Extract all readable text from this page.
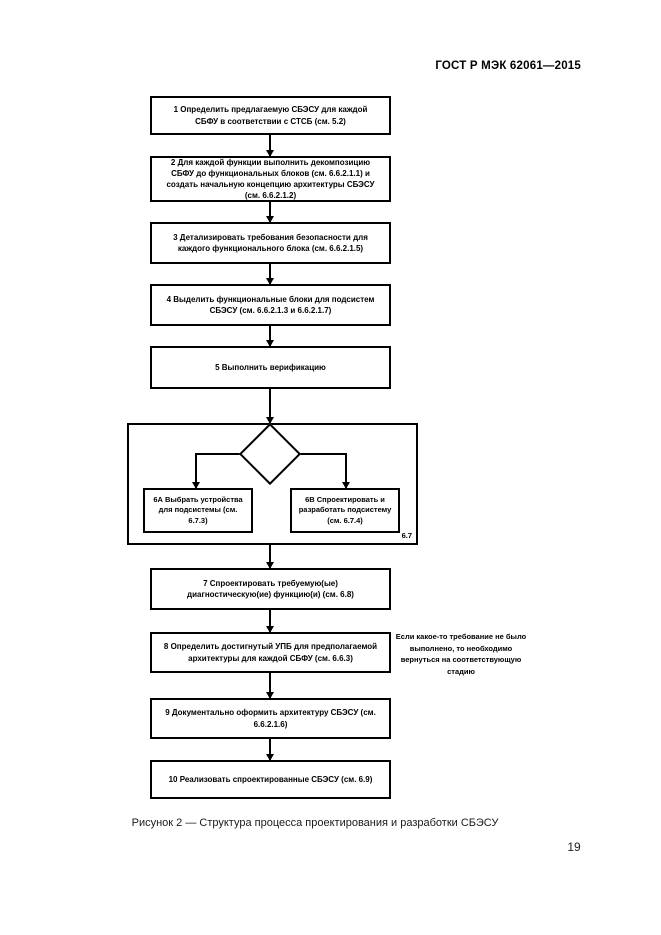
ГОСТ Р МЭК 62061—2015
1 Определить предлагаемую СБЭСУ для каждой СБФУ в соответствии с СТСБ (см. 5.2)
2 Для каждой функции выполнить декомпозицию СБФУ до функциональных блоков (см. 6.6.2.1.1) и создать начальную концепцию архитектуры СБЭСУ (см. 6.6.2.1.2)
3 Детализировать требования безопасности для каждого функционального блока (см. 6.6.2.1.5)
4 Выделить функциональные блоки для подсистем СБЭСУ (см. 6.6.2.1.3 и 6.6.2.1.7)
5 Выполнить верификацию
6А Выбрать устройства для подсистемы (см. 6.7.3)
6В Спроектировать и разработать подсистему (см. 6.7.4)
6.7
7 Спроектировать требуемую(ые) диагностическую(ие) функцию(и) (см. 6.8)
8 Определить достигнутый УПБ для предполагаемой архитектуры для каждой СБФУ (см. 6.6.3)
Если какое-то требование не было выполнено, то необходимо вернуться на соответствующую стадию
9 Документально оформить архитектуру СБЭСУ (см. 6.6.2.1.6)
10 Реализовать спроектированные СБЭСУ (см. 6.9)
Рисунок 2 — Структура процесса проектирования и разработки СБЭСУ
19
